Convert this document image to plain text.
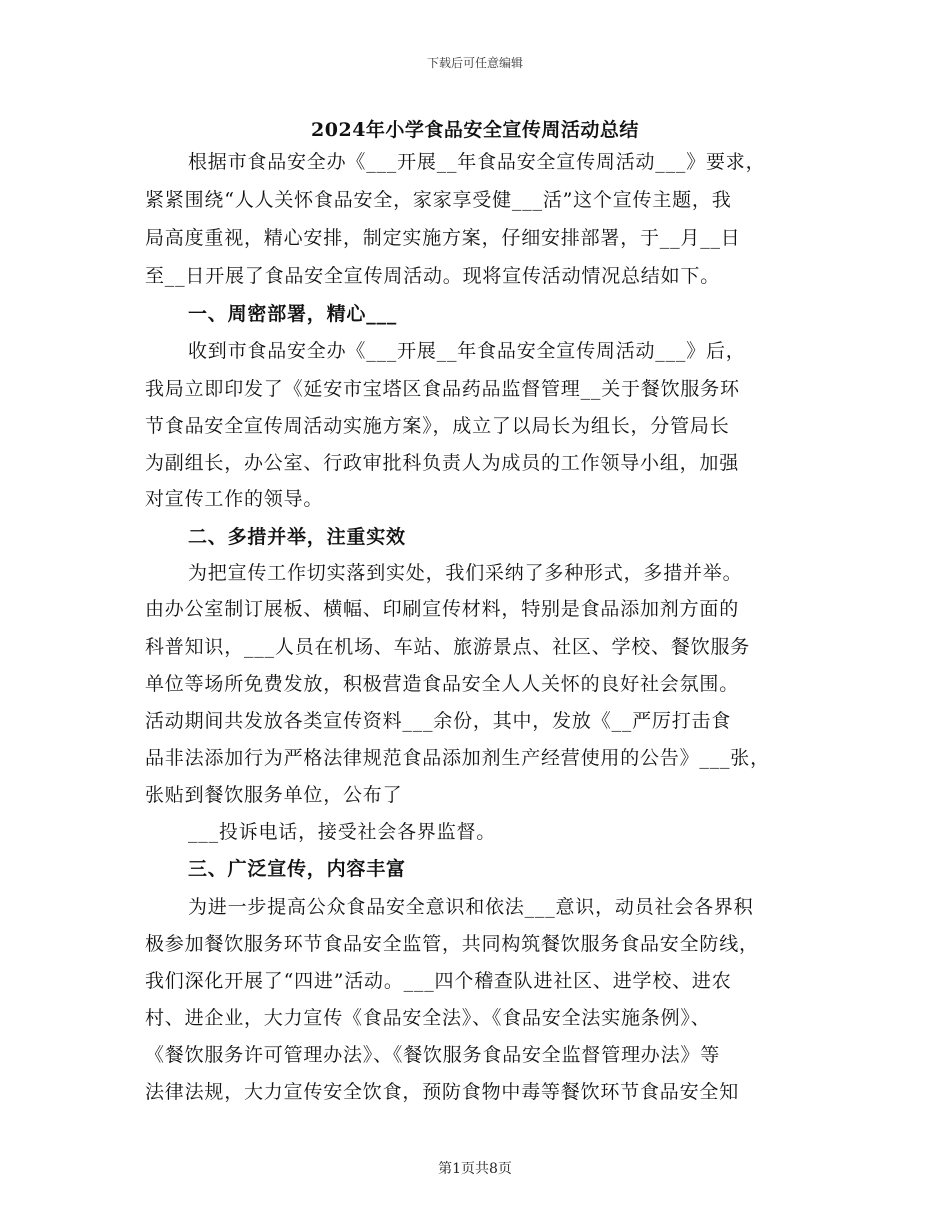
下载后可任意编辑
2024年小学食品安全宣传周活动总结
根据市食品安全办《___开展__年食品安全宣传周活动___》要求，
紧紧围绕“人人关怀食品安全，家家享受健___活”这个宣传主题，我
局高度重视，精心安排，制定实施方案，仔细安排部署，于__月__日
至__日开展了食品安全宣传周活动。现将宣传活动情况总结如下。
一、周密部署，精心___
收到市食品安全办《___开展__年食品安全宣传周活动___》后，
我局立即印发了《延安市宝塔区食品药品监督管理__关于餐饮服务环
节食品安全宣传周活动实施方案》，成立了以局长为组长，分管局长
为副组长，办公室、行政审批科负责人为成员的工作领导小组，加强
对宣传工作的领导。
二、多措并举，注重实效
为把宣传工作切实落到实处，我们采纳了多种形式，多措并举。
由办公室制订展板、横幅、印刷宣传材料，特别是食品添加剂方面的
科普知识，___人员在机场、车站、旅游景点、社区、学校、餐饮服务
单位等场所免费发放，积极营造食品安全人人关怀的良好社会氛围。
活动期间共发放各类宣传资料___余份，其中，发放《__严厉打击食
品非法添加行为严格法律规范食品添加剂生产经营使用的公告》___张，
张贴到餐饮服务单位，公布了
___投诉电话，接受社会各界监督。
三、广泛宣传，内容丰富
为进一步提高公众食品安全意识和依法___意识，动员社会各界积
极参加餐饮服务环节食品安全监管，共同构筑餐饮服务食品安全防线，
我们深化开展了“四进”活动。___四个稽查队进社区、进学校、进农
村、进企业，大力宣传《食品安全法》、《食品安全法实施条例》、
《餐饮服务许可管理办法》、《餐饮服务食品安全监督管理办法》等
法律法规，大力宣传安全饮食，预防食物中毒等餐饮环节食品安全知
第1页共8页
